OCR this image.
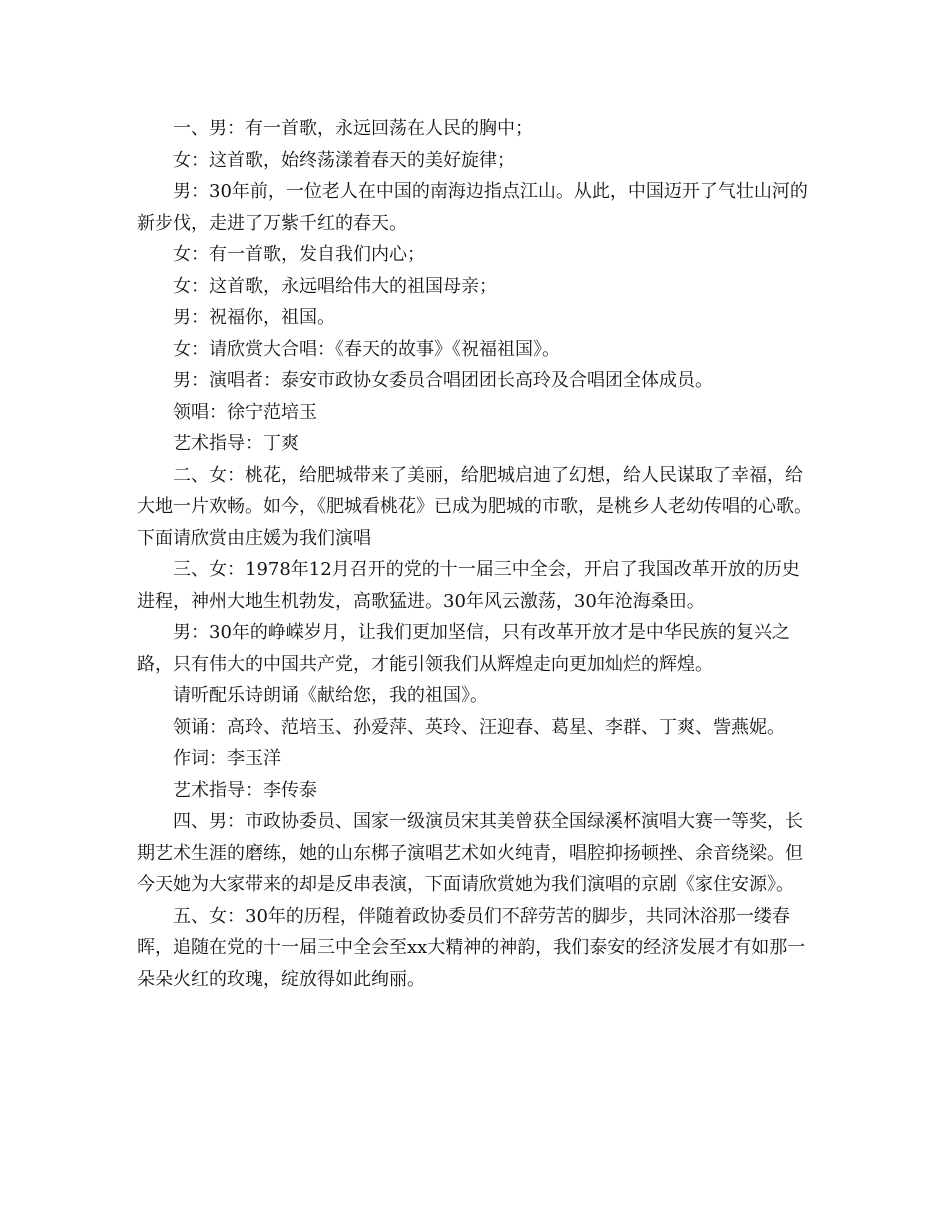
一、男：有一首歌，永远回荡在人民的胸中；

女：这首歌，始终荡漾着春天的美好旋律；

男：30年前，一位老人在中国的南海边指点江山。从此，中国迈开了气壮山河的新步伐，走进了万紫千红的春天。

女：有一首歌，发自我们内心；

女：这首歌，永远唱给伟大的祖国母亲；

男：祝福你，祖国。

女：请欣赏大合唱：《春天的故事》《祝福祖国》。

男：演唱者：泰安市政协女委员合唱团团长高玲及合唱团全体成员。

领唱：徐宁范培玉

艺术指导：丁爽

二、女：桃花，给肥城带来了美丽，给肥城启迪了幻想，给人民谋取了幸福，给大地一片欢畅。如今，《肥城看桃花》已成为肥城的市歌，是桃乡人老幼传唱的心歌。下面请欣赏由庄媛为我们演唱

三、女：1978年12月召开的党的十一届三中全会，开启了我国改革开放的历史进程，神州大地生机勃发，高歌猛进。30年风云激荡，30年沧海桑田。

男：30年的峥嵘岁月，让我们更加坚信，只有改革开放才是中华民族的复兴之路，只有伟大的中国共产党，才能引领我们从辉煌走向更加灿烂的辉煌。

请听配乐诗朗诵《献给您，我的祖国》。

领诵：高玲、范培玉、孙爱萍、英玲、汪迎春、葛星、李群、丁爽、訾燕妮。

作词：李玉洋

艺术指导：李传泰

四、男：市政协委员、国家一级演员宋其美曾获全国绿溪杯演唱大赛一等奖，长期艺术生涯的磨练，她的山东梆子演唱艺术如火纯青，唱腔抑扬顿挫、余音绕梁。但今天她为大家带来的却是反串表演，下面请欣赏她为我们演唱的京剧《家住安源》。

五、女：30年的历程，伴随着政协委员们不辞劳苦的脚步，共同沐浴那一缕春晖，追随在党的十一届三中全会至xx大精神的神韵，我们泰安的经济发展才有如那一朵朵火红的玫瑰，绽放得如此绚丽。
